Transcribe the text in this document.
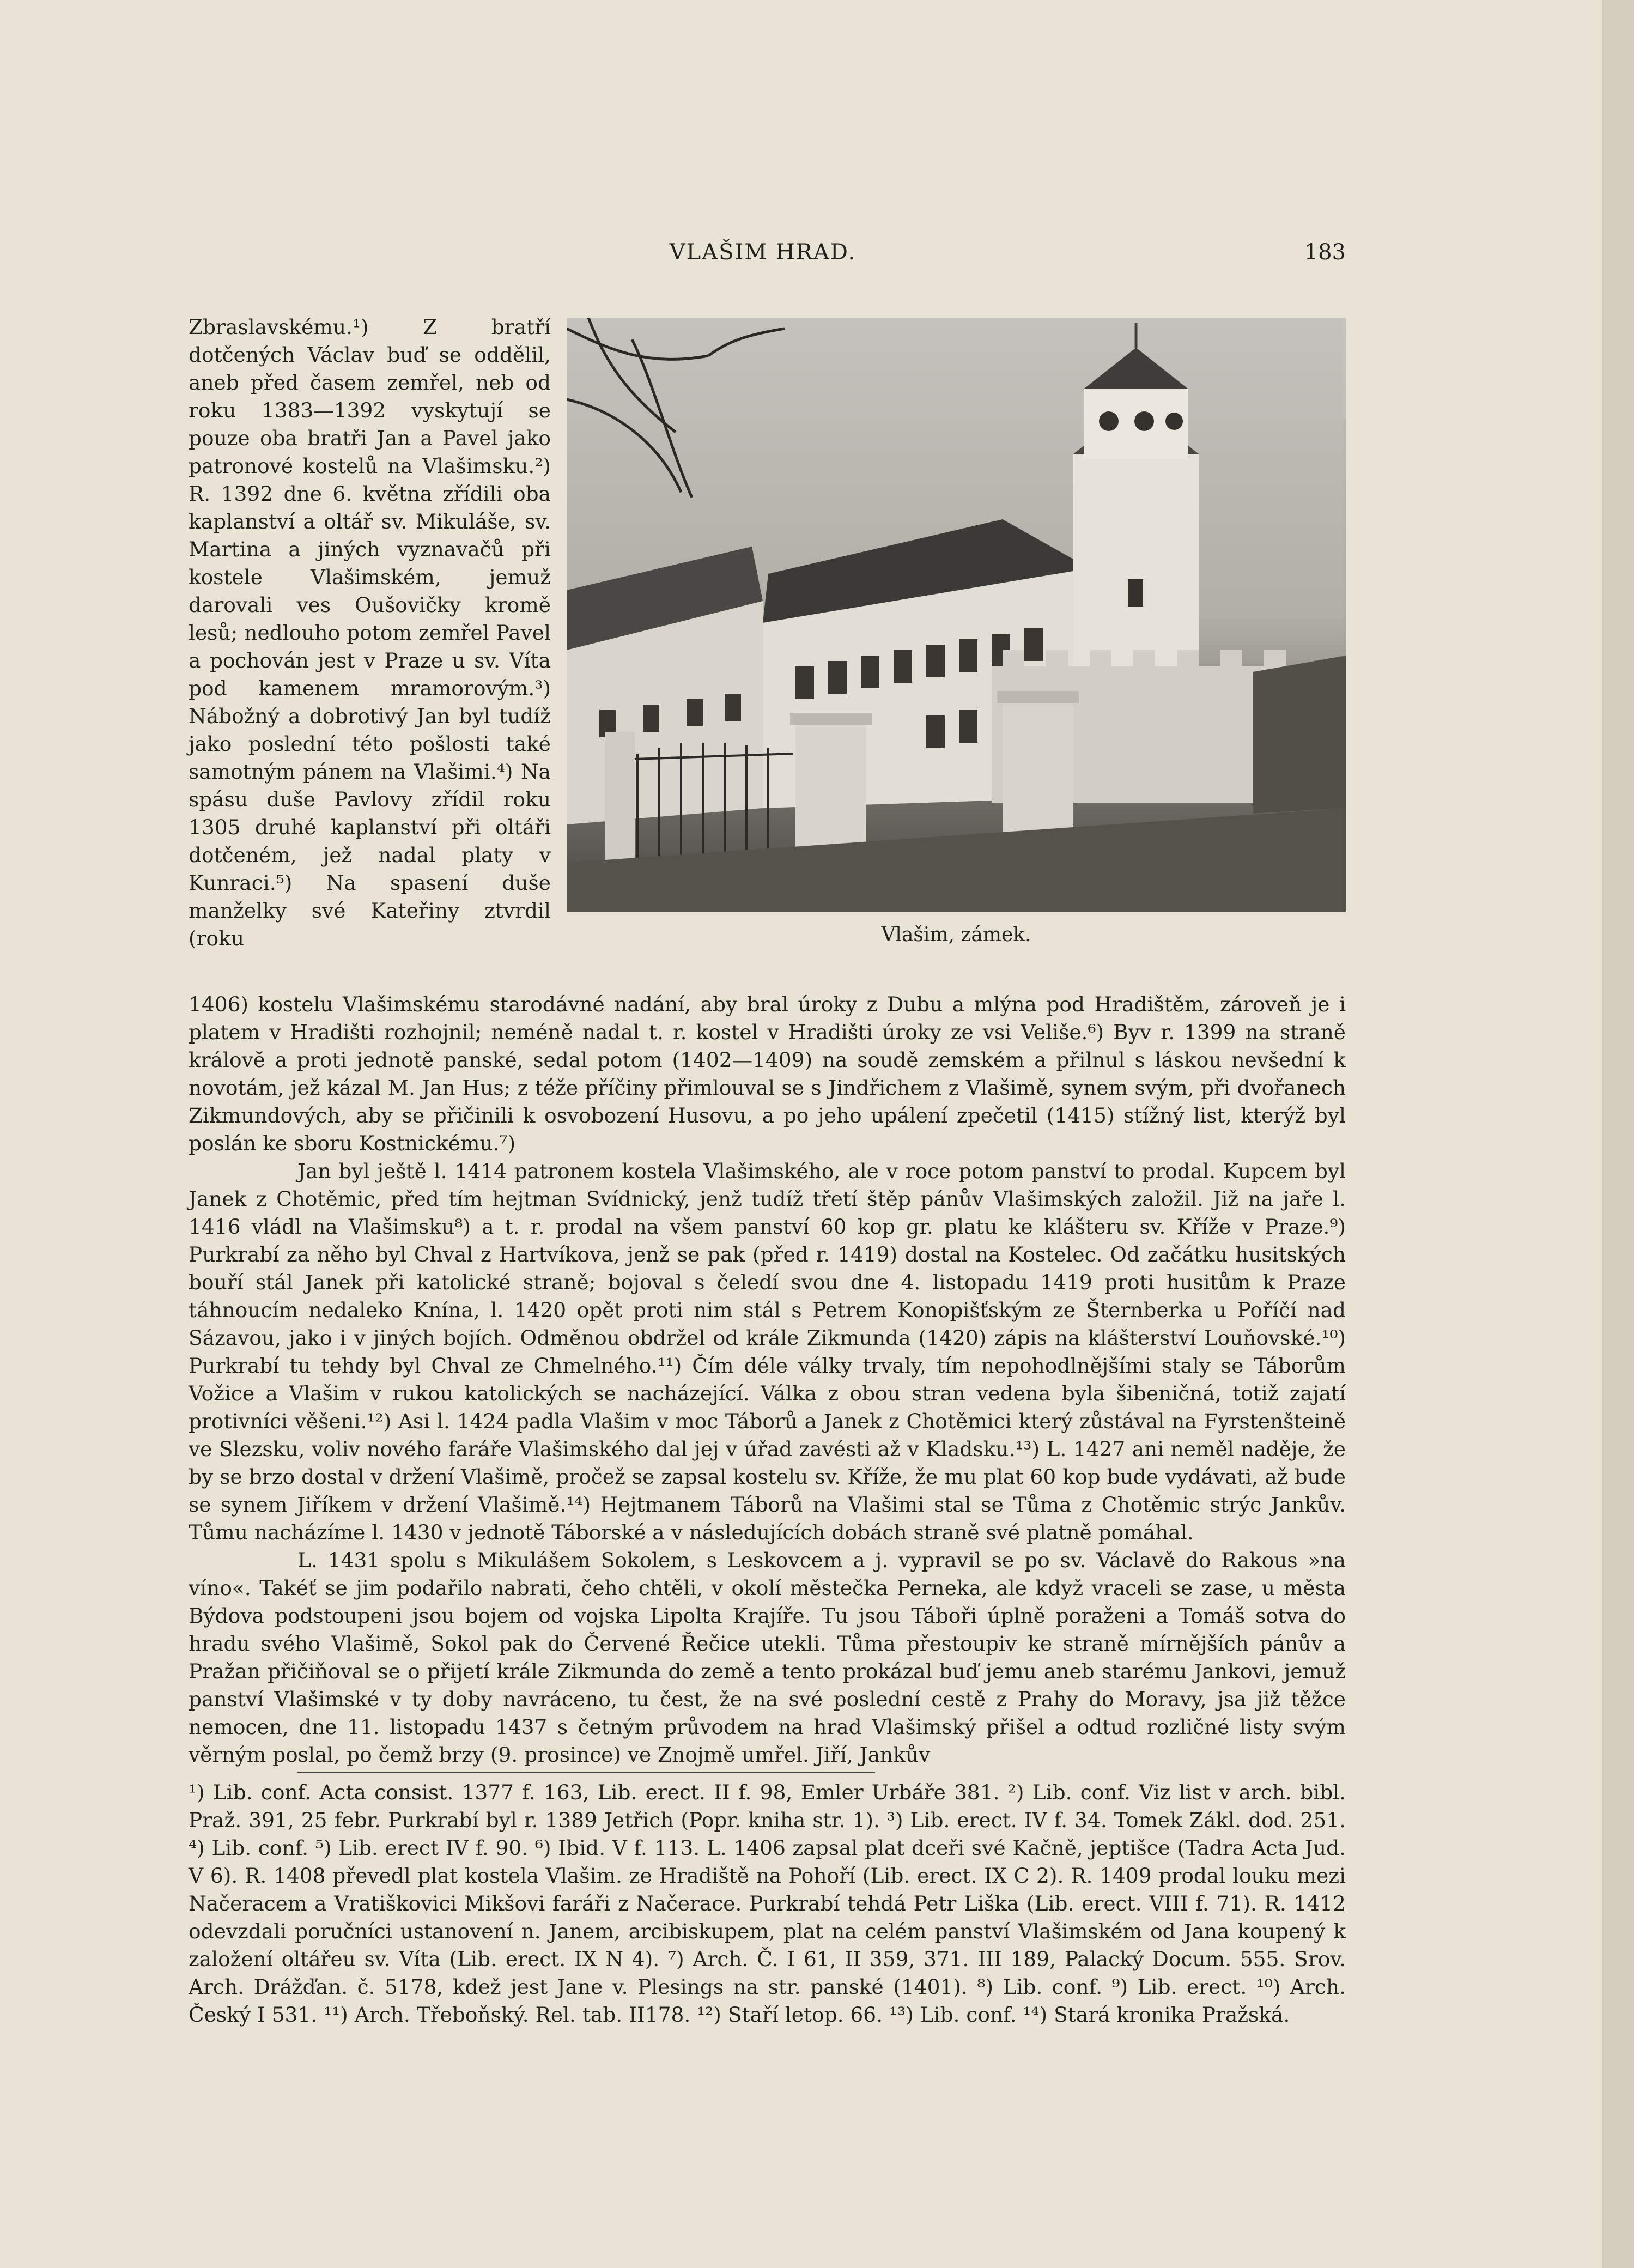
VLAŠIM HRAD.	183
Vlašim, zámek.

Zbraslavskému.¹) Z bratří dotčených Václav buď se oddělil, aneb před časem zemřel, neb od roku 1383—1392 vyskytují se pouze oba bratři Jan a Pavel jako patronové kostelů na Vlašimsku.²) R. 1392 dne 6. května zřídili oba kaplanství a oltář sv. Mikuláše, sv. Martina a jiných vyznavačů při kostele Vlašimském, jemuž darovali ves Oušovičky kromě lesů; nedlouho potom zemřel Pavel a pochován jest v Praze u sv. Víta pod kamenem mramorovým.³) Nábožný a dobrotivý Jan byl tudíž jako poslední této pošlosti také samotným pánem na Vlašimi.⁴) Na spásu duše Pavlovy zřídil roku 1305 druhé kaplanství při oltáři dotčeném, jež nadal platy v Kunraci.⁵) Na spasení duše manželky své Kateřiny ztvrdil (roku

1406) kostelu Vlašimskému starodávné nadání, aby bral úroky z Dubu a mlýna pod Hradištěm, zároveň je i platem v Hradišti rozhojnil; neméně nadal t. r. kostel v Hradišti úroky ze vsi Veliše.⁶) Byv r. 1399 na straně královĕ a proti jednotě panské, sedal potom (1402—1409) na soudě zemském a přilnul s láskou nevšední k novotám, jež kázal M. Jan Hus; z téže příčiny přimlouval se s Jindřichem z Vlašimě, synem svým, při dvořanech Zikmundových, aby se přičinili k osvobození Husovu, a po jeho upálení zpečetil (1415) stížný list, kterýž byl poslán ke sboru Kostnickému.⁷)

Jan byl ještě l. 1414 patronem kostela Vlašimského, ale v roce potom panství to prodal. Kupcem byl Janek z Chotěmic, před tím hejtman Svídnický, jenž tudíž třetí štěp pánův Vlašimských založil. Již na jaře l. 1416 vládl na Vlašimsku⁸) a t. r. prodal na všem panství 60 kop gr. platu ke klášteru sv. Kříže v Praze.⁹) Purkrabí za něho byl Chval z Hartvíkova, jenž se pak (před r. 1419) dostal na Kostelec. Od začátku husitských bouří stál Janek při katolické straně; bojoval s čeledí svou dne 4. listopadu 1419 proti husitům k Praze táhnoucím nedaleko Knína, l. 1420 opět proti nim stál s Petrem Konopišťským ze Šternberka u Poříčí nad Sázavou, jako i v jiných bojích. Odměnou obdržel od krále Zikmunda (1420) zápis na klášterství Louňovské.¹⁰) Purkrabí tu tehdy byl Chval ze Chmelného.¹¹) Čím déle války trvaly, tím nepohodlnějšími staly se Táborům Vožice a Vlašim v rukou katolických se nacházející. Válka z obou stran vedena byla šibeničná, totiž zajatí protivníci věšeni.¹²) Asi l. 1424 padla Vlašim v moc Táborů a Janek z Chotěmici který zůstával na Fyrstenšteině ve Slezsku, voliv nového faráře Vlašimského dal jej v úřad zavésti až v Kladsku.¹³) L. 1427 ani neměl naděje, že by se brzo dostal v držení Vlašimě, pročež se zapsal kostelu sv. Kříže, že mu plat 60 kop bude vydávati, až bude se synem Jiříkem v držení Vlašimě.¹⁴) Hejtmanem Táborů na Vlašimi stal se Tůma z Chotěmic strýc Jankův. Tůmu nacházíme l. 1430 v jednotě Táborské a v následujících dobách straně své platně pomáhal.

L. 1431 spolu s Mikulášem Sokolem, s Leskovcem a j. vypravil se po sv. Václavě do Rakous »na víno«. Takéť se jim podařilo nabrati, čeho chtěli, v okolí městečka Perneka, ale když vraceli se zase, u města Býdova podstoupeni jsou bojem od vojska Lipolta Krajíře. Tu jsou Táboři úplně poraženi a Tomáš sotva do hradu svého Vlašimě, Sokol pak do Červené Řečice utekli. Tůma přestoupiv ke straně mírnějších pánův a Pražan přičiňoval se o přijetí krále Zikmunda do země a tento prokázal buď jemu aneb starému Jankovi, jemuž panství Vlašimské v ty doby navráceno, tu čest, že na své poslední cestě z Prahy do Moravy, jsa již těžce nemocen, dne 11. listopadu 1437 s četným průvodem na hrad Vlašimský přišel a odtud rozličné listy svým věrným poslal, po čemž brzy (9. prosince) ve Znojmě umřel. Jiří, Jankův

¹) Lib. conf. Acta consist. 1377 f. 163, Lib. erect. II f. 98, Emler Urbáře 381. ²) Lib. conf. Viz list v arch. bibl. Praž. 391, 25 febr. Purkrabí byl r. 1389 Jetřich (Popr. kniha str. 1). ³) Lib. erect. IV f. 34. Tomek Zákl. dod. 251. ⁴) Lib. conf. ⁵) Lib. erect IV f. 90. ⁶) Ibid. V f. 113. L. 1406 zapsal plat dceři své Kačně, jeptišce (Tadra Acta Jud. V 6). R. 1408 převedl plat kostela Vlašim. ze Hradiště na Pohoří (Lib. erect. IX C 2). R. 1409 prodal louku mezi Načeracem a Vratiškovici Mikšovi faráři z Načerace. Purkrabí tehdá Petr Liška (Lib. erect. VIII f. 71). R. 1412 odevzdali poručníci ustanovení n. Janem, arcibiskupem, plat na celém panství Vlašimském od Jana koupený k založení oltářeu sv. Víta (Lib. erect. IX N 4). ⁷) Arch. Č. I 61, II 359, 371. III 189, Palacký Docum. 555. Srov. Arch. Drážďan. č. 5178, kdež jest Jane v. Plesings na str. panské (1401). ⁸) Lib. conf. ⁹) Lib. erect. ¹⁰) Arch. Český I 531. ¹¹) Arch. Třeboňský. Rel. tab. II178. ¹²) Staří letop. 66. ¹³) Lib. conf. ¹⁴) Stará kronika Pražská.
